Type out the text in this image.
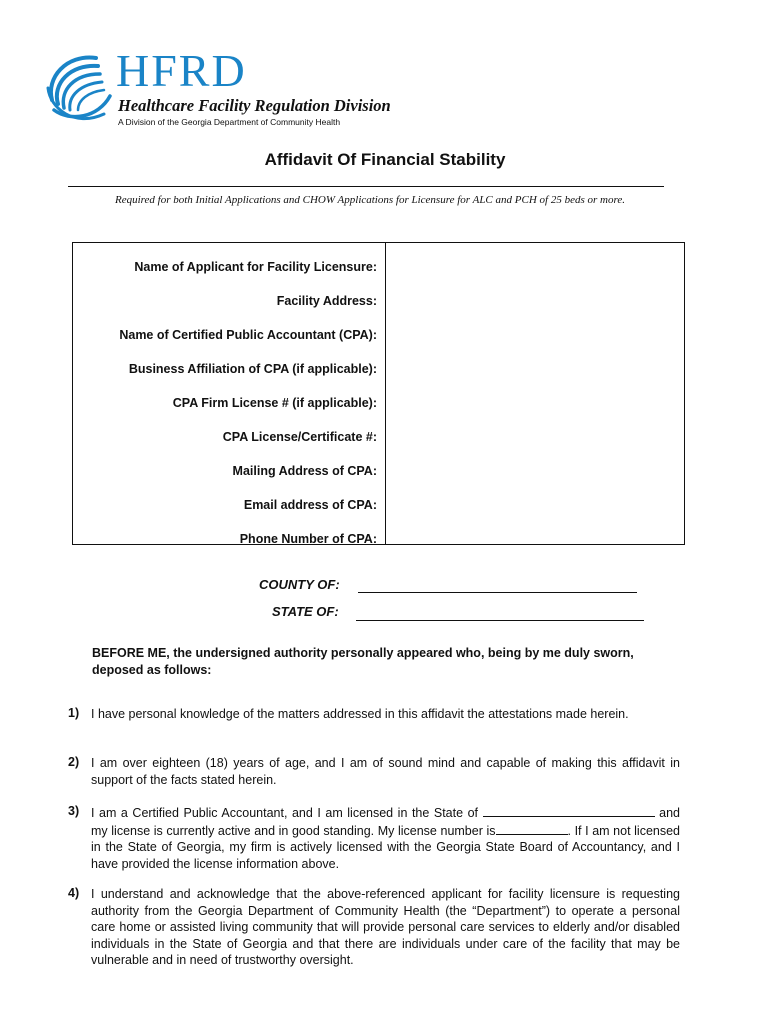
HFRD
Healthcare Facility Regulation Division
A Division of the Georgia Department of Community Health
Affidavit Of Financial Stability
Required for both Initial Applications and CHOW Applications for Licensure for ALC and PCH of 25 beds or more.
Name of Applicant for Facility Licensure:
Facility Address:
Name of Certified Public Accountant (CPA):
Business Affiliation of CPA (if applicable):
CPA Firm License # (if applicable):
CPA License/Certificate #:
Mailing Address of CPA:
Email address of CPA:
Phone Number of CPA:
COUNTY OF:
STATE OF:
BEFORE ME, the undersigned authority personally appeared who, being by me duly sworn, deposed as follows:
1) I have personal knowledge of the matters addressed in this affidavit the attestations made herein.
2) I am over eighteen (18) years of age, and I am of sound mind and capable of making this affidavit in support of the facts stated herein.
3) I am a Certified Public Accountant, and I am licensed in the State of	and my license is currently active and in good standing. My license number is	. If I am not licensed in the State of Georgia, my firm is actively licensed with the Georgia State Board of Accountancy, and I have provided the license information above.
4) I understand and acknowledge that the above-referenced applicant for facility licensure is requesting authority from the Georgia Department of Community Health (the “Department”) to operate a personal care home or assisted living community that will provide personal care services to elderly and/or disabled individuals in the State of Georgia and that there are individuals under care of the facility that may be vulnerable and in need of trustworthy oversight.
